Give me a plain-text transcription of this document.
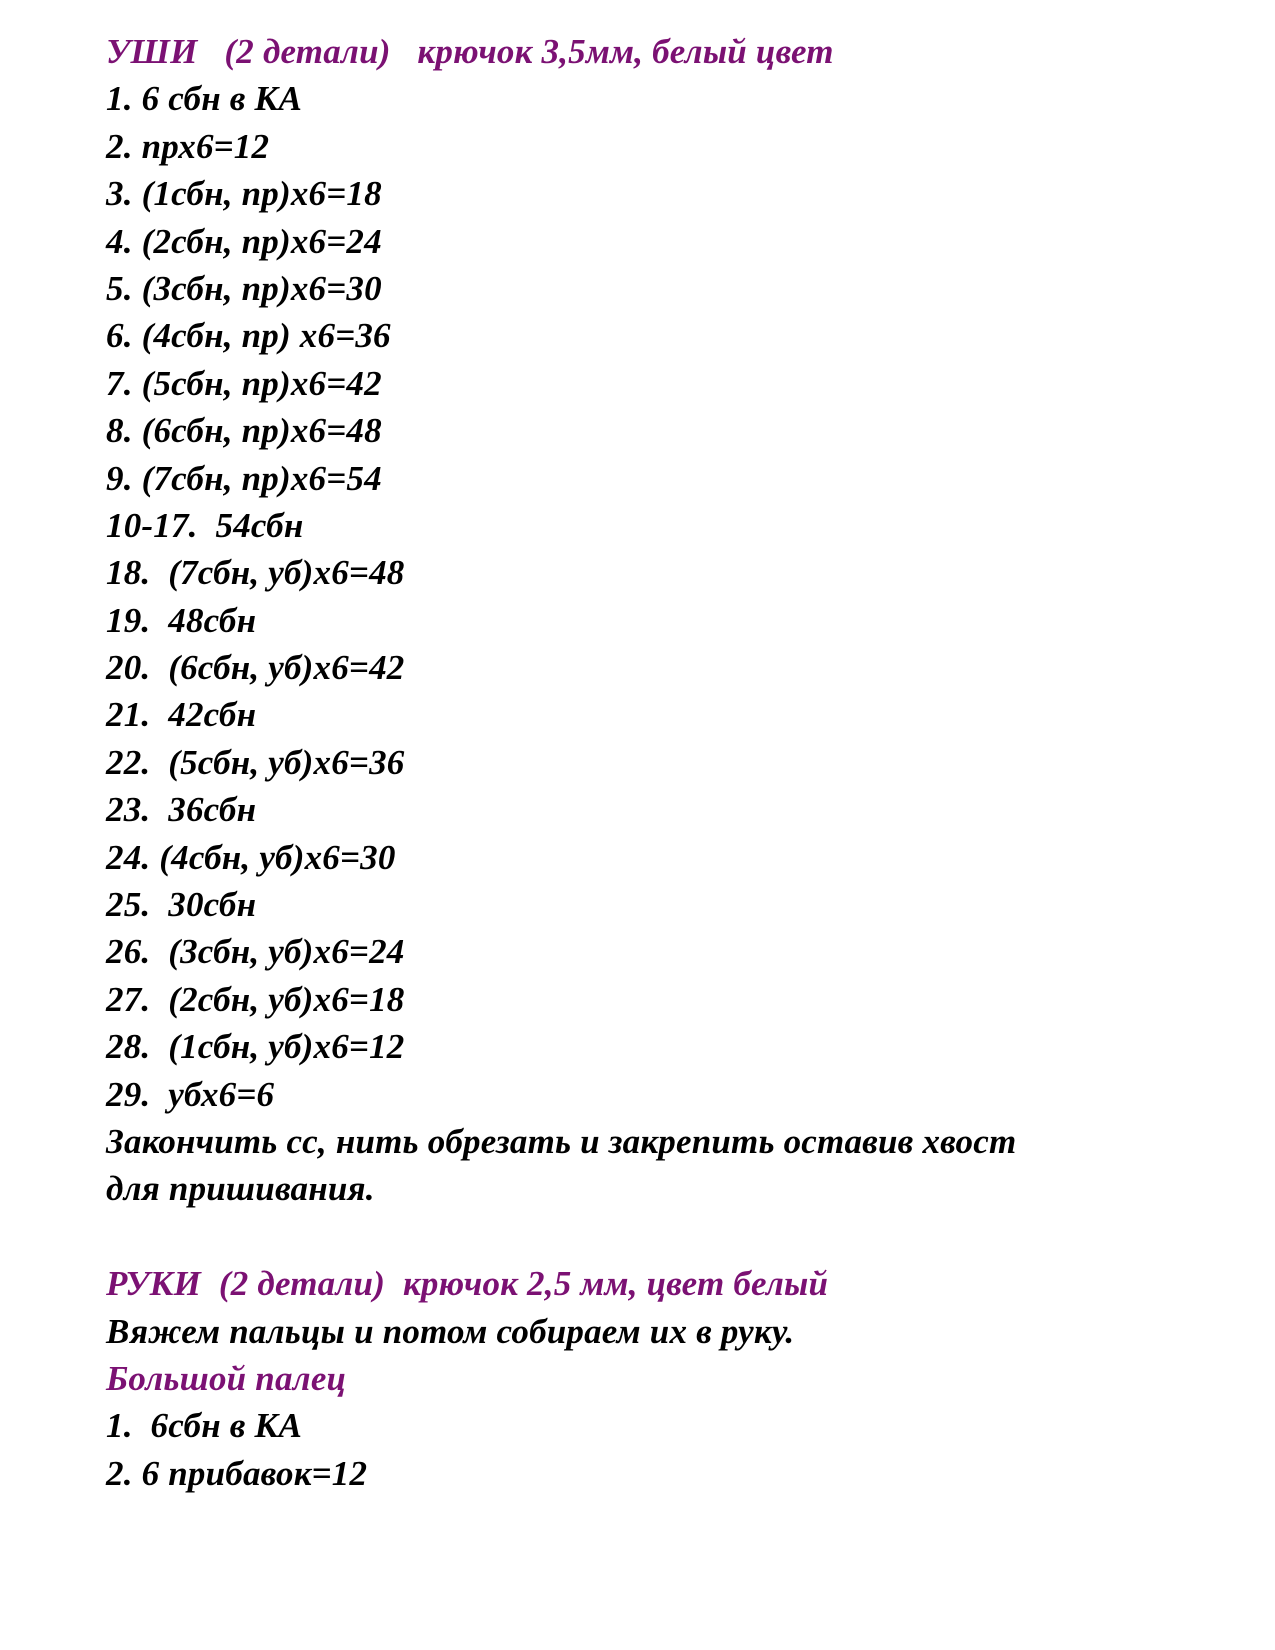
УШИ   (2 детали)   крючок 3,5мм, белый цвет
1. 6 сбн в КА
2. прх6=12
3. (1сбн, пр)х6=18
4. (2сбн, пр)х6=24
5. (3сбн, пр)х6=30
6. (4сбн, пр) х6=36
7. (5сбн, пр)х6=42
8. (6сбн, пр)х6=48
9. (7сбн, пр)х6=54
10-17.  54сбн
18.  (7сбн, уб)х6=48
19.  48сбн
20.  (6сбн, уб)х6=42
21.  42сбн
22.  (5сбн, уб)х6=36
23.  36сбн
24. (4сбн, уб)х6=30
25.  30сбн
26.  (3сбн, уб)х6=24
27.  (2сбн, уб)х6=18
28.  (1сбн, уб)х6=12
29.  убх6=6
Закончить сс, нить обрезать и закрепить оставив хвост
для пришивания.
РУКИ  (2 детали)  крючок 2,5 мм, цвет белый
Вяжем пальцы и потом собираем их в руку.
Большой палец
1.  6сбн в КА
2. 6 прибавок=12
